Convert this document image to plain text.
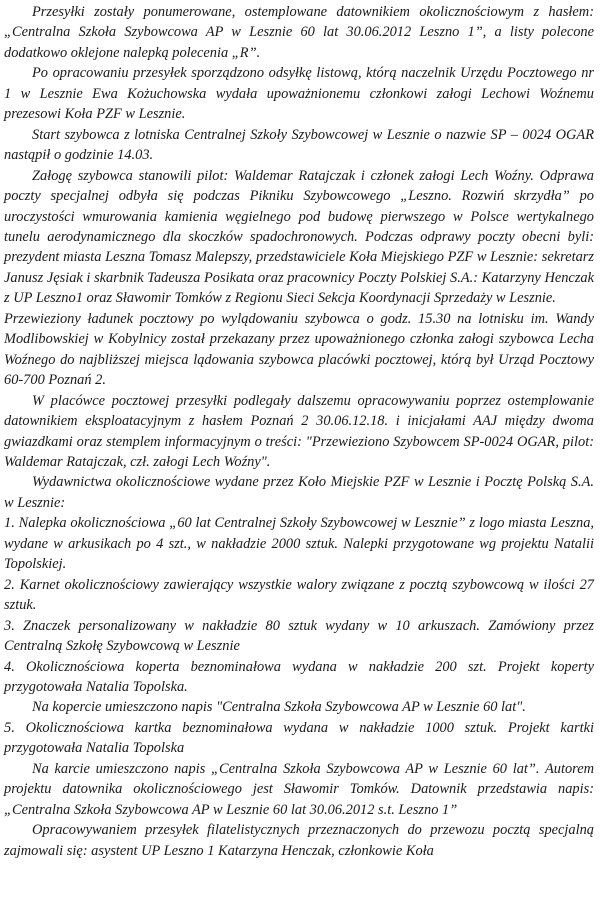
Przesyłki zostały ponumerowane, ostemplowane datownikiem okolicznościowym z hasłem: „Centralna Szkoła Szybowcowa AP w Lesznie 60 lat 30.06.2012 Leszno 1”, a listy polecone dodatkowo oklejone nalepką polecenia „R”.

Po opracowaniu przesyłek sporządzono odsyłkę listową, którą naczelnik Urzędu Pocztowego nr 1 w Lesznie Ewa Kożuchowska wydała upoważnionemu członkowi załogi Lechowi Woźnemu prezesowi Koła PZF w Lesznie.

Start szybowca z lotniska Centralnej Szkoły Szybowcowej w Lesznie o nazwie SP – 0024 OGAR nastąpił o godzinie 14.03.

Załogę szybowca stanowili pilot: Waldemar Ratajczak i członek załogi Lech Woźny. Odprawa poczty specjalnej odbyła się podczas Pikniku Szybowcowego „Leszno. Rozwiń skrzydła” po uroczystości wmurowania kamienia węgielnego pod budowę pierwszego w Polsce wertykalnego tunelu aerodynamicznego dla skoczków spadochronowych. Podczas odprawy poczty obecni byli: prezydent miasta Leszna Tomasz Malepszy, przedstawiciele Koła Miejskiego PZF w Lesznie: sekretarz Janusz Jęsiak i skarbnik Tadeusza Posikata oraz pracownicy Poczty Polskiej S.A.: Katarzyny Henczak z UP Leszno1 oraz Sławomir Tomków z Regionu Sieci Sekcja Koordynacji Sprzedaży w Lesznie.

Przewieziony ładunek pocztowy po wylądowaniu szybowca o godz. 15.30 na lotnisku im. Wandy Modlibowskiej w Kobylnicy został przekazany przez upoważnionego członka załogi szybowca Lecha Woźnego do najbliższej miejsca lądowania szybowca placówki pocztowej, którą był Urząd Pocztowy 60-700 Poznań 2.

W placówce pocztowej przesyłki podlegały dalszemu opracowywaniu poprzez ostemplowanie datownikiem eksploatacyjnym z hasłem Poznań 2 30.06.12.18. i inicjałami AAJ między dwoma gwiazdkami oraz stemplem informacyjnym o treści: "Przewieziono Szybowcem SP-0024 OGAR, pilot: Waldemar Ratajczak, czł. załogi Lech Woźny".

Wydawnictwa okolicznościowe wydane przez Koło Miejskie PZF w Lesznie i Pocztę Polską S.A. w Lesznie:

1. Nalepka okolicznościowa „60 lat Centralnej Szkoły Szybowcowej w Lesznie” z logo miasta Leszna, wydane w arkusikach po 4 szt., w nakładzie 2000 sztuk. Nalepki przygotowane wg projektu Natalii Topolskiej.

2. Karnet okolicznościowy zawierający wszystkie walory związane z pocztą szybowcową w ilości 27 sztuk.

3. Znaczek personalizowany w nakładzie 80 sztuk wydany w 10 arkuszach. Zamówiony przez Centralną Szkołę Szybowcową w Lesznie

4. Okolicznościowa koperta beznominałowa wydana w nakładzie 200 szt. Projekt koperty przygotowała Natalia Topolska.

Na kopercie umieszczono napis "Centralna Szkoła Szybowcowa AP w Lesznie 60 lat".

5. Okolicznościowa kartka beznominałowa wydana w nakładzie 1000 sztuk. Projekt kartki przygotowała Natalia Topolska

Na karcie umieszczono napis „Centralna Szkoła Szybowcowa AP w Lesznie 60 lat”. Autorem projektu datownika okolicznościowego jest Sławomir Tomków. Datownik przedstawia napis: „Centralna Szkoła Szybowcowa AP w Lesznie 60 lat 30.06.2012 s.t. Leszno 1”

Opracowywaniem przesyłek filatelistycznych przeznaczonych do przewozu pocztą specjalną zajmowali się: asystent UP Leszno 1 Katarzyna Henczak, członkowie Koła
